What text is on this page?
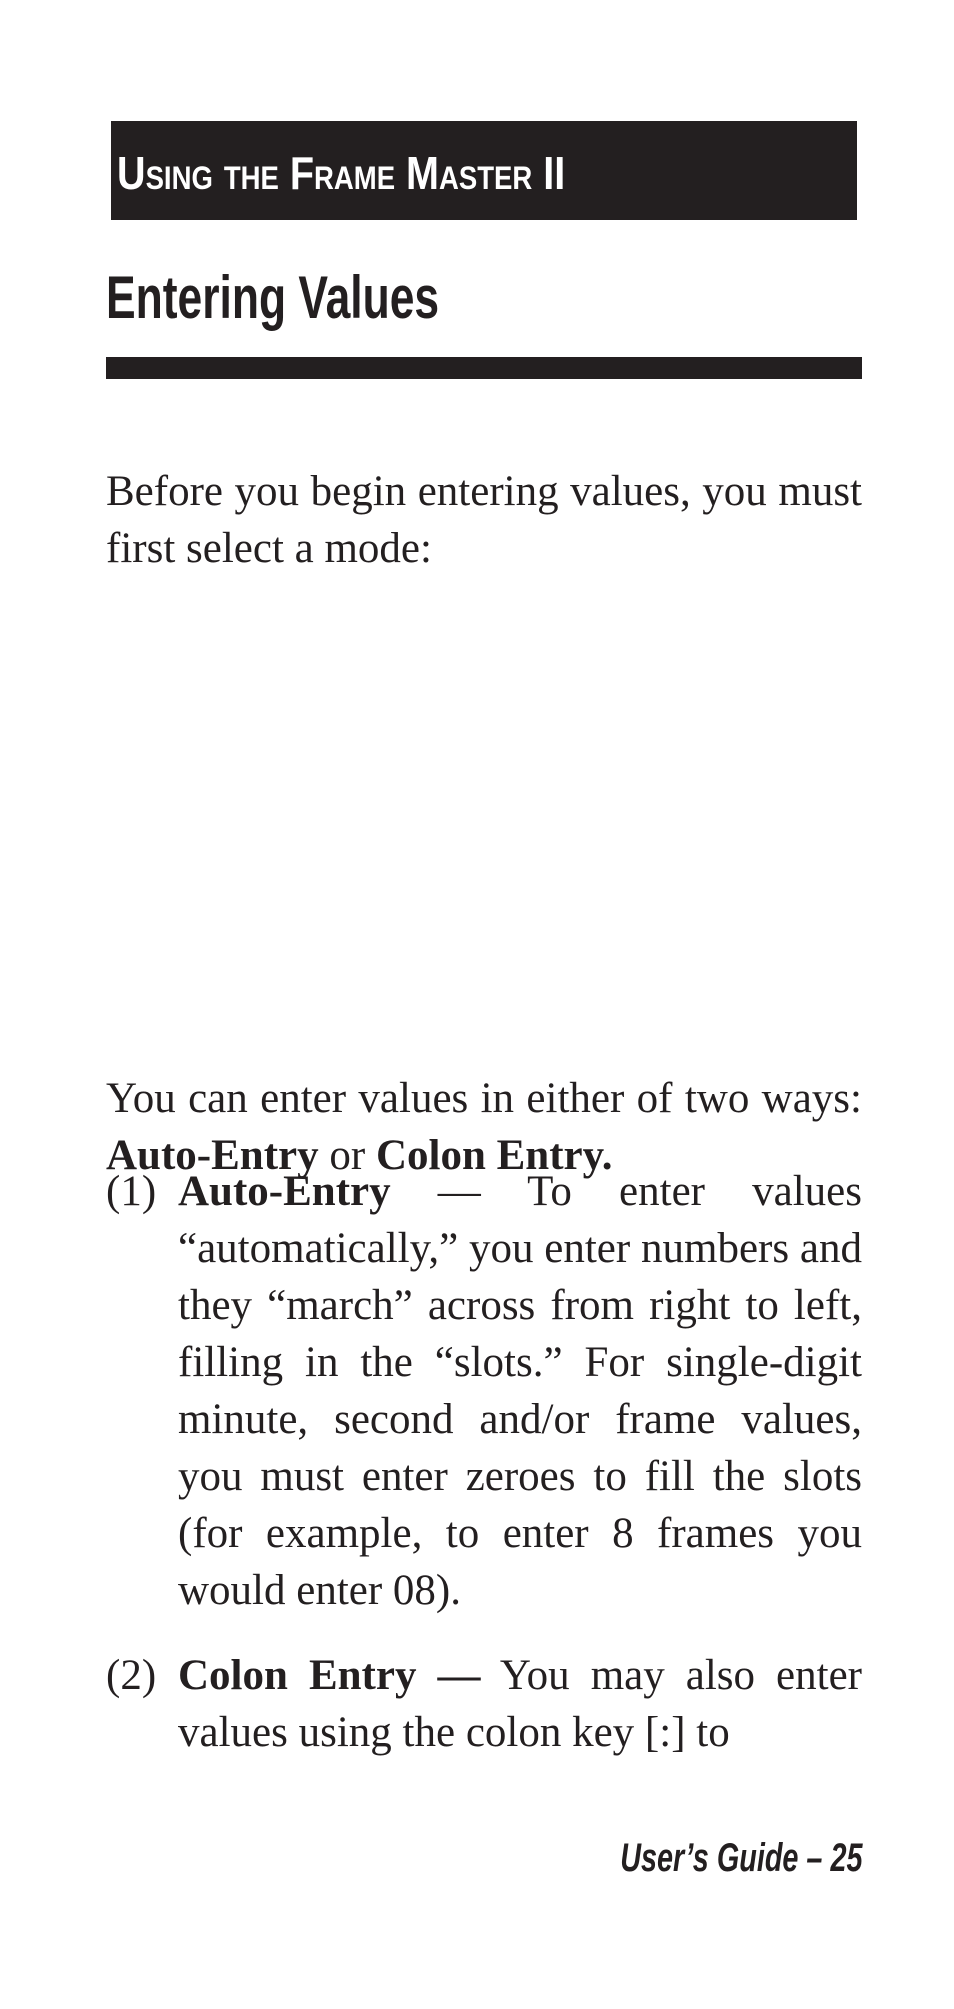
Using the Frame Master II
Entering Values

Before you begin entering values, you must first select a mode:

You can enter values in either of two ways: Auto-Entry or Colon Entry.

(1) Auto-Entry — To enter values “automatically,” you enter numbers and they “march” across from right to left, filling in the “slots.” For single-digit minute, second and/or frame values, you must enter zeroes to fill the slots (for example, to enter 8 frames you would enter 08).
(2) Colon Entry — You may also enter values using the colon key [:] to
User’s Guide – 25
